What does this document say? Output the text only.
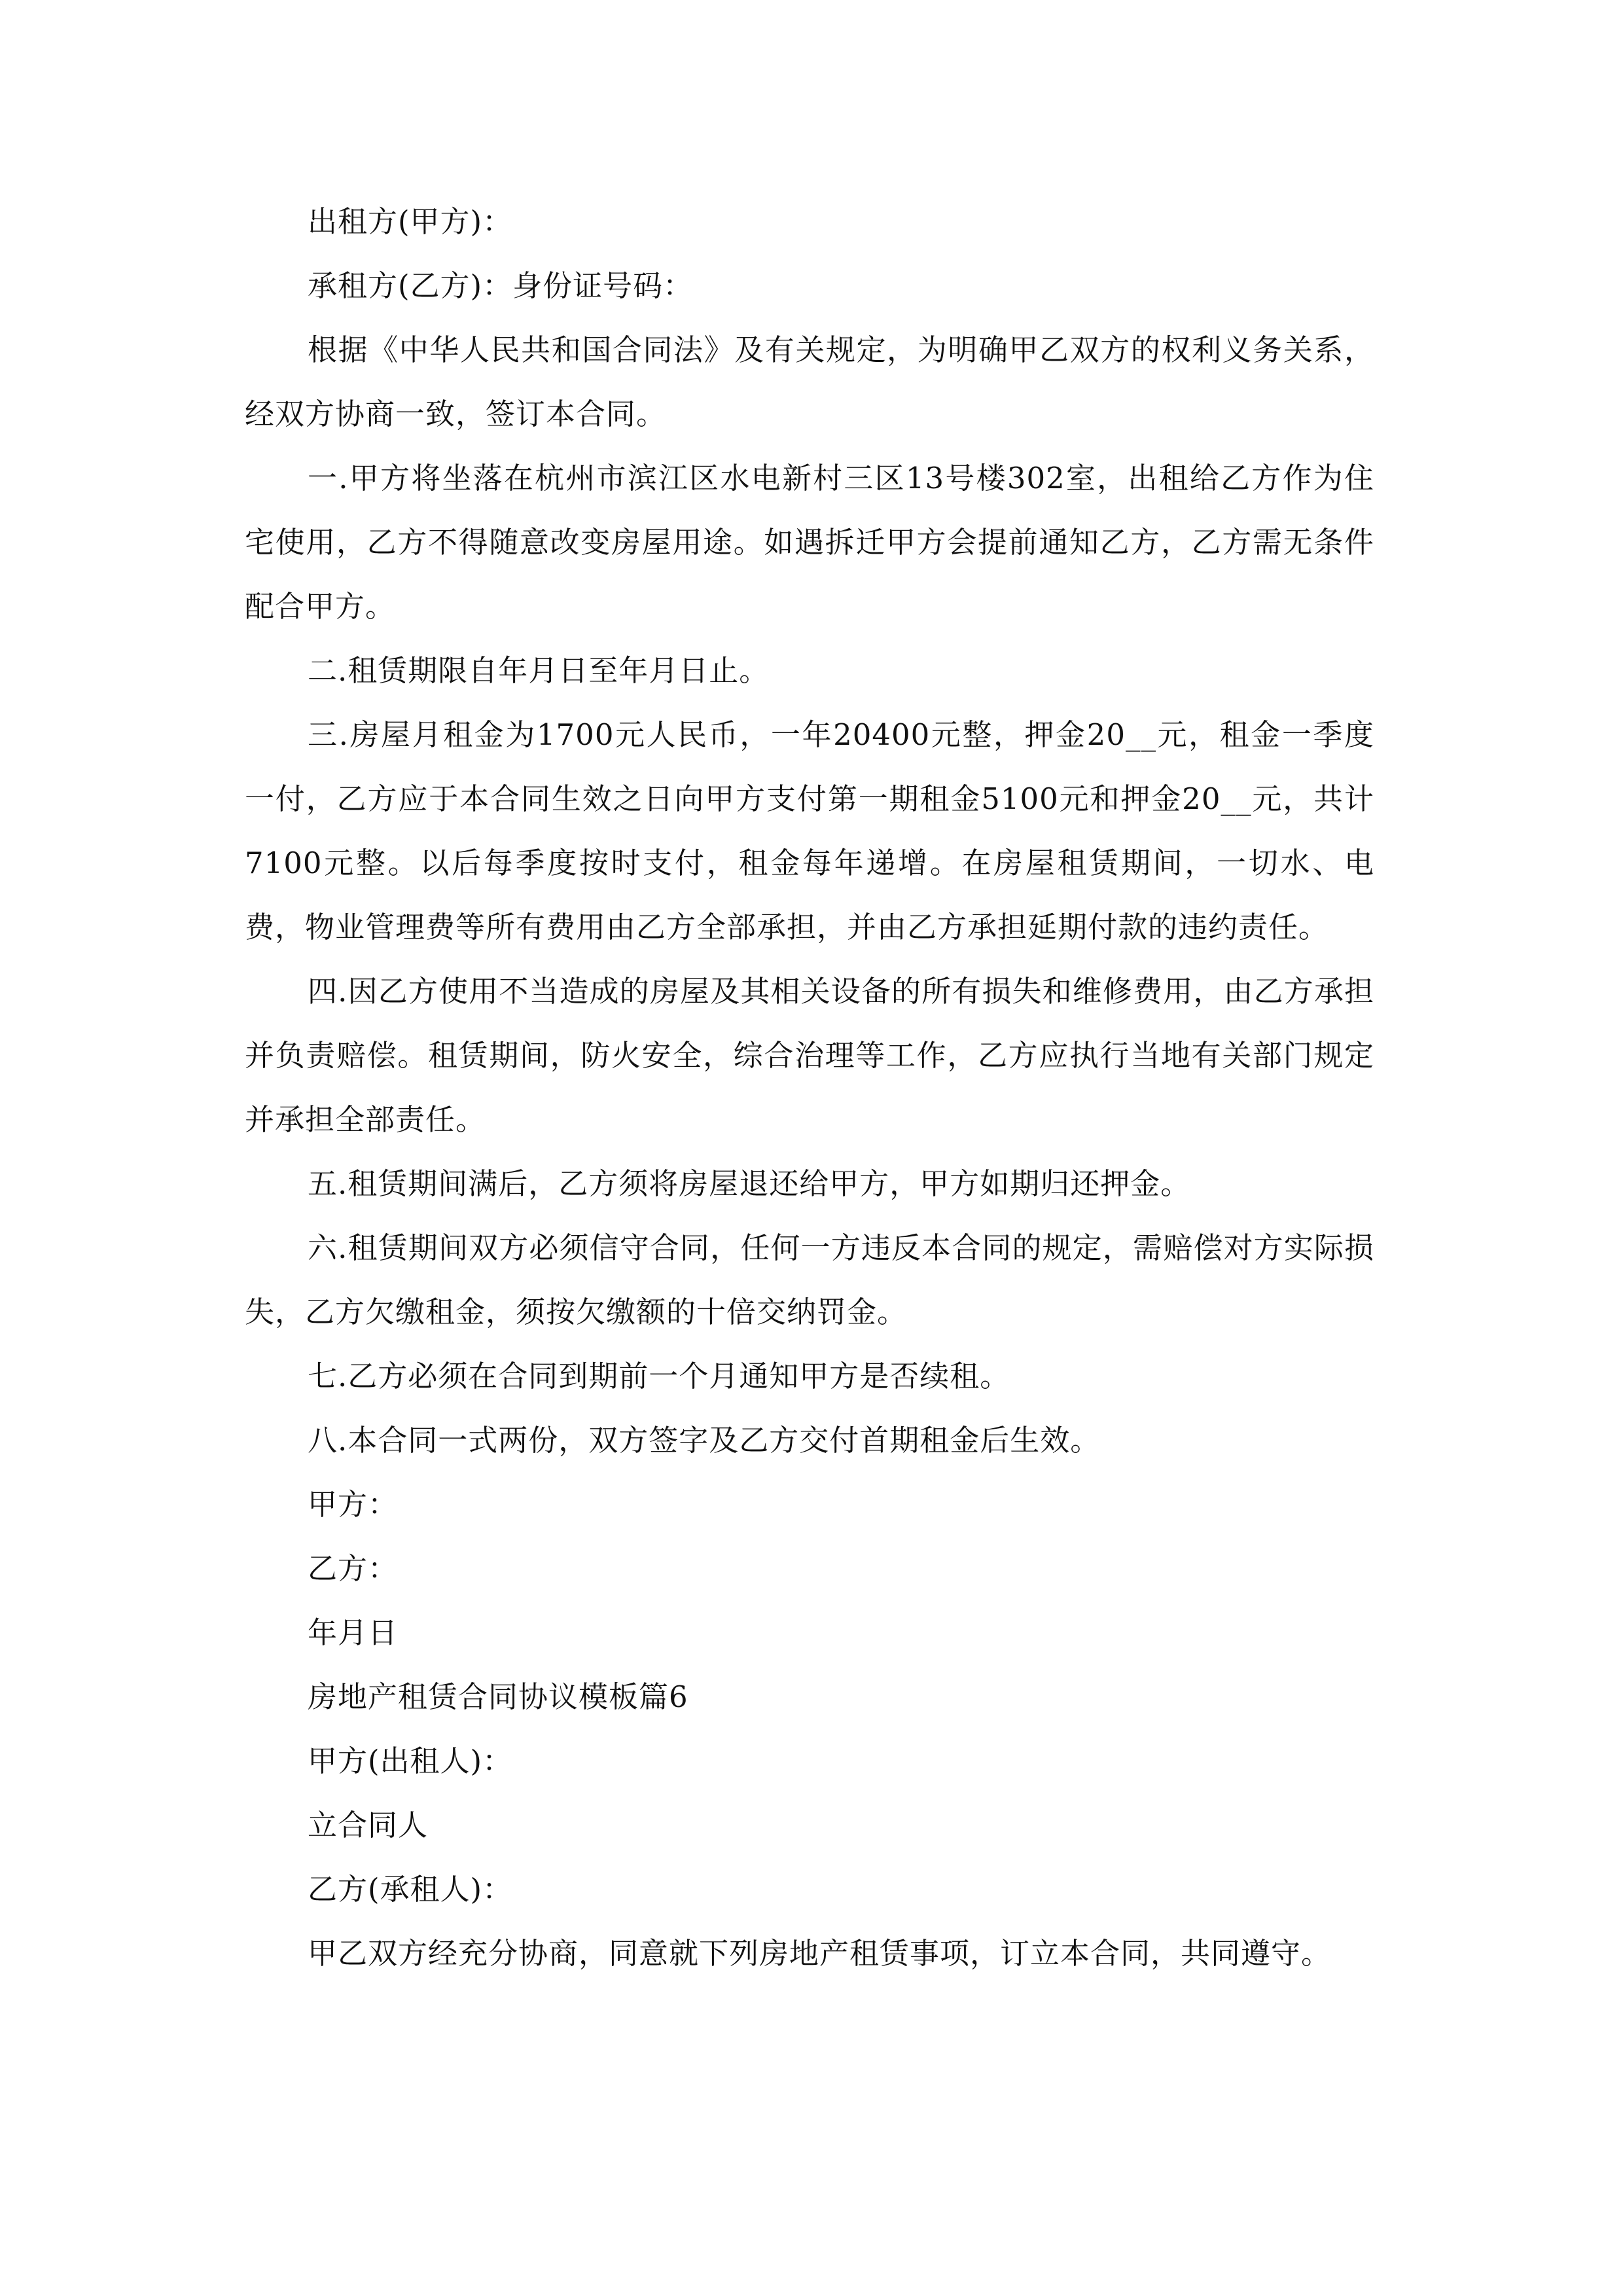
出租方(甲方)：

承租方(乙方)：身份证号码：

根据《中华人民共和国合同法》及有关规定，为明确甲乙双方的权利义务关系，经双方协商一致，签订本合同。

一.甲方将坐落在杭州市滨江区水电新村三区13号楼302室，出租给乙方作为住宅使用，乙方不得随意改变房屋用途。如遇拆迁甲方会提前通知乙方，乙方需无条件配合甲方。

二.租赁期限自年月日至年月日止。

三.房屋月租金为1700元人民币，一年20400元整，押金20__元，租金一季度一付，乙方应于本合同生效之日向甲方支付第一期租金5100元和押金20__元，共计7100元整。以后每季度按时支付，租金每年递增。在房屋租赁期间，一切水、电费，物业管理费等所有费用由乙方全部承担，并由乙方承担延期付款的违约责任。

四.因乙方使用不当造成的房屋及其相关设备的所有损失和维修费用，由乙方承担并负责赔偿。租赁期间，防火安全，综合治理等工作，乙方应执行当地有关部门规定并承担全部责任。

五.租赁期间满后，乙方须将房屋退还给甲方，甲方如期归还押金。

六.租赁期间双方必须信守合同，任何一方违反本合同的规定，需赔偿对方实际损失，乙方欠缴租金，须按欠缴额的十倍交纳罚金。

七.乙方必须在合同到期前一个月通知甲方是否续租。

八.本合同一式两份，双方签字及乙方交付首期租金后生效。

甲方：

乙方：

年月日

房地产租赁合同协议模板篇6

甲方(出租人)：

立合同人

乙方(承租人)：

甲乙双方经充分协商，同意就下列房地产租赁事项，订立本合同，共同遵守。
